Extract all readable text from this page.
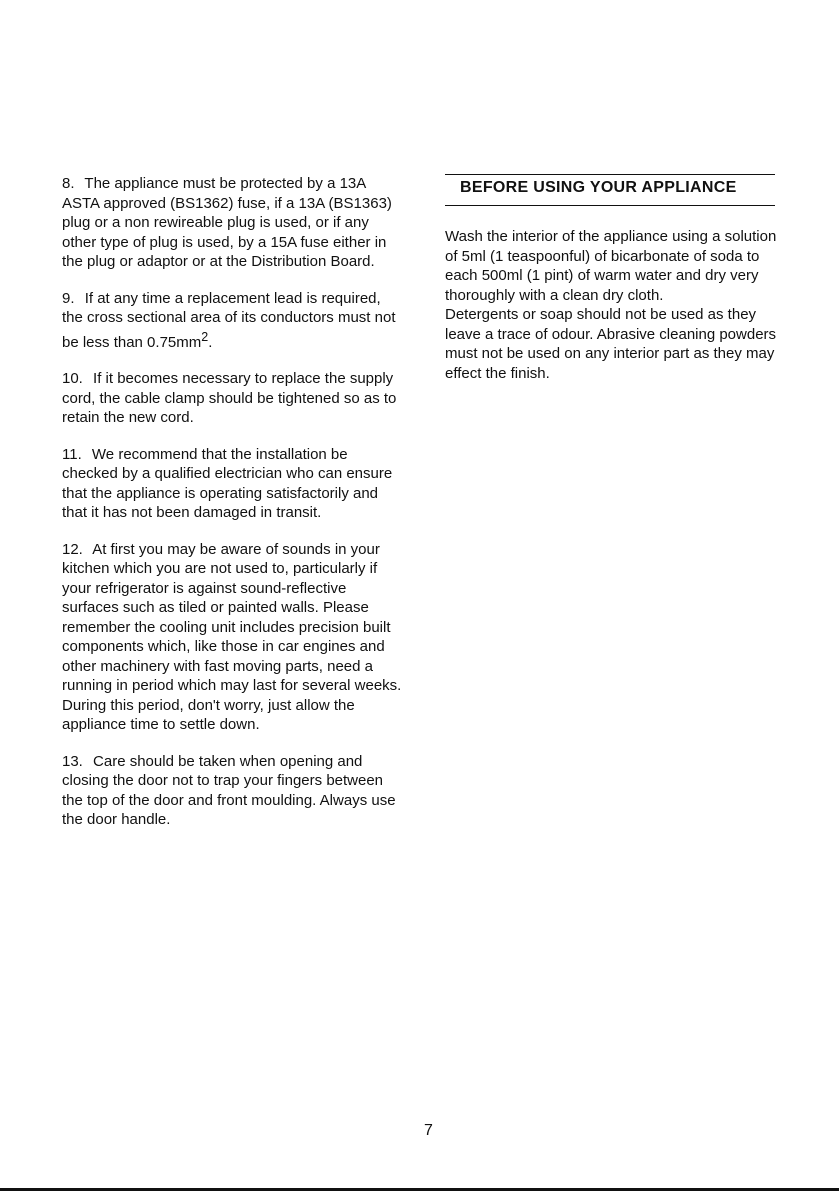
8. The appliance must be protected by a 13A ASTA approved (BS1362) fuse, if a 13A (BS1363) plug or a non rewireable plug is used, or if any other type of plug is used, by a 15A fuse either in the plug or adaptor or at the Distribution Board.

9. If at any time a replacement lead is required, the cross sectional area of its conductors must not be less than $0.75mm^2$.

10. If it becomes necessary to replace the supply cord, the cable clamp should be tightened so as to retain the new cord.

11. We recommend that the installation be checked by a qualified electrician who can ensure that the appliance is operating satisfactorily and that it has not been damaged in transit.

12. At first you may be aware of sounds in your kitchen which you are not used to, particularly if your refrigerator is against sound-reflective surfaces such as tiled or painted walls. Please remember the cooling unit includes precision built components which, like those in car engines and other machinery with fast moving parts, need a running in period which may last for several weeks. During this period, don't worry, just allow the appliance time to settle down.

13. Care should be taken when opening and closing the door not to trap your fingers between the top of the door and front moulding. Always use the door handle.

BEFORE USING YOUR APPLIANCE

Wash the interior of the appliance using a solution of 5ml (1 teaspoonful) of bicarbonate of soda to each 500ml (1 pint) of warm water and dry very thoroughly with a clean dry cloth.

Detergents or soap should not be used as they leave a trace of odour. Abrasive cleaning powders must not be used on any interior part as they may effect the finish.

7
